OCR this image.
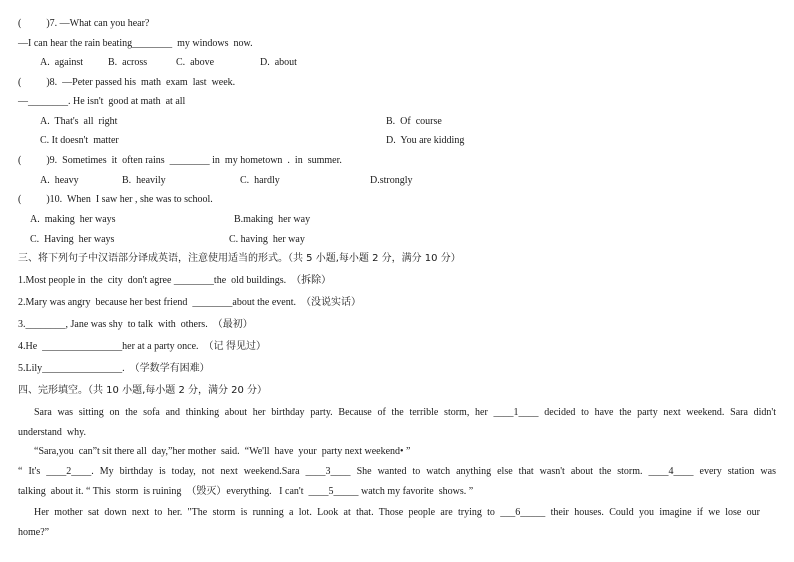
(          )7. —What can you hear?
—I can hear the rain beating________  my windows  now.
A.  against B.  across	C.  above	D.  about
(          )8.  —Peter passed his  math  exam  last  week.
—________. He isn't  good at math  at all
A.  That's  all  right	B.  Of  course
C. It doesn't  matter	D.  You are kidding
(          )9.  Sometimes  it  often rains  ________ in  my hometown  .  in  summer.
A.  heavy	B.  heavily	C.  hardly	D.strongly
(          )10.  When  I saw her , she was to school.
A.  making  her ways	B.making  her way
C.  Having  her ways	C. having  her way
三、将下列句子中汉语部分译成英语，注意使用适当的形式。（共 5 小题,每小题 2 分，满分 10 分）
1.Most people in  the  city  don't agree ________the  old buildings.  （拆除）
2.Mary was angry  because her best friend  ________about the event.  （没说实话）
3.________, Jane was shy  to talk  with  others.  （最初）
4.He  ________________her at a party once.  （记 得见过）
5.Lily________________.  （学数学有困难）
四、完形填空。（共 10 小题,每小题 2 分，满分 20 分）
Sara was sitting on the sofa and thinking about her birthday party. Because of the terrible storm, her ____1____ decided to have the party next weekend. Sara didn't
understand  why.
“Sara,you  can”t sit there all  day,”her mother  said.  “We'll  have  your  party next weekend• ”
“ It's ____2____. My birthday is today, not next weekend.Sara ____3____ She wanted to watch anything else that wasn't about the storm. ____4____ every station was
talking  about it. “ This  storm  is ruining  （毁灭）everything.   I can't  ____5_____ watch my favorite  shows. ”
Her mother sat down next to her. "The storm is running a lot. Look at that. Those people are trying to ___6_____ their houses. Could you imagine if we lose our
home?”
